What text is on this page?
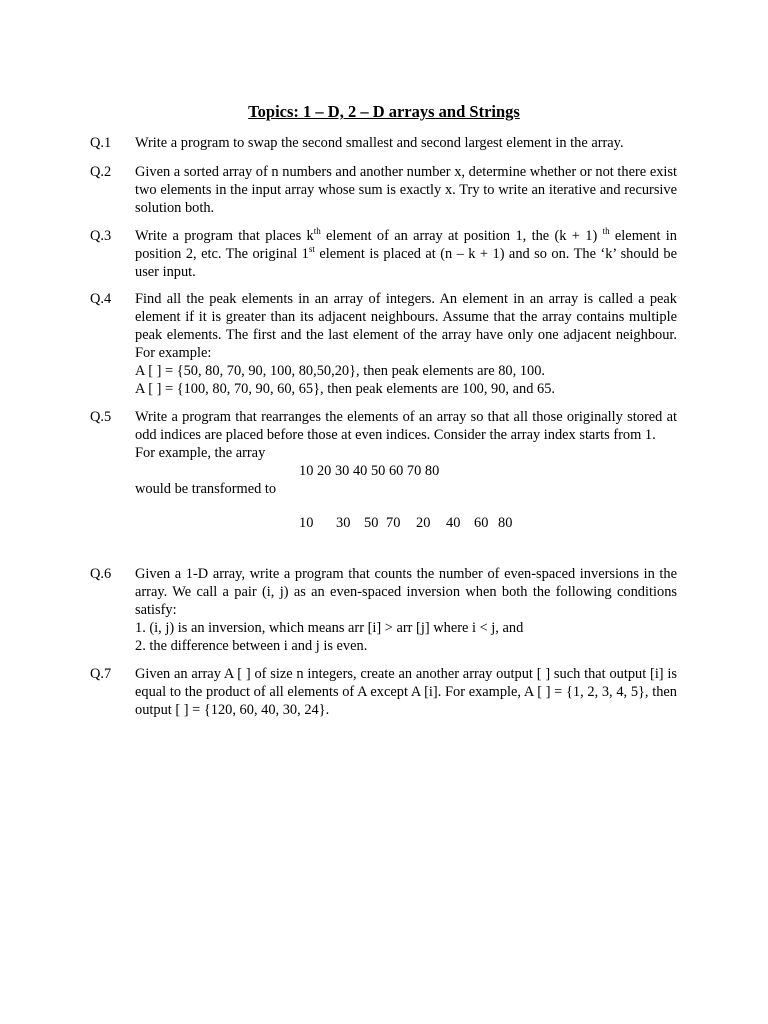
Topics: 1 – D, 2 – D arrays and Strings
Q.1	Write a program to swap the second smallest and second largest element in the array.
Q.2	Given a sorted array of n numbers and another number x, determine whether or not there exist two elements in the input array whose sum is exactly x. Try to write an iterative and recursive solution both.
Q.3	Write a program that places $k^{th}$ element of an array at position 1, the (k + 1) $^{th}$ element in position 2, etc. The original 1st element is placed at (n – k + 1) and so on. The ‘k’ should be user input.
Q.4	Find all the peak elements in an array of integers. An element in an array is called a peak element if it is greater than its adjacent neighbours. Assume that the array contains multiple peak elements. The first and the last element of the array have only one adjacent neighbour. For example:
A [ ] = {50, 80, 70, 90, 100, 80,50,20}, then peak elements are 80, 100.
A [ ] = {100, 80, 70, 90, 60, 65}, then peak elements are 100, 90, and 65.
Q.5	Write a program that rearranges the elements of an array so that all those originally stored at odd indices are placed before those at even indices. Consider the array index starts from 1.
For example, the array
10 20 30 40 50 60 70 80
would be transformed to
10 30 50 70 20 40 60 80
Q.6	Given a 1-D array, write a program that counts the number of even-spaced inversions in the array. We call a pair (i, j) as an even-spaced inversion when both the following conditions satisfy:
1. (i, j) is an inversion, which means arr [i] > arr [j] where i < j, and
2. the difference between i and j is even.
Q.7	Given an array A [ ] of size n integers, create an another array output [ ] such that output [i] is equal to the product of all elements of A except A [i]. For example, A [ ] = {1, 2, 3, 4, 5}, then output [ ] = {120, 60, 40, 30, 24}.
